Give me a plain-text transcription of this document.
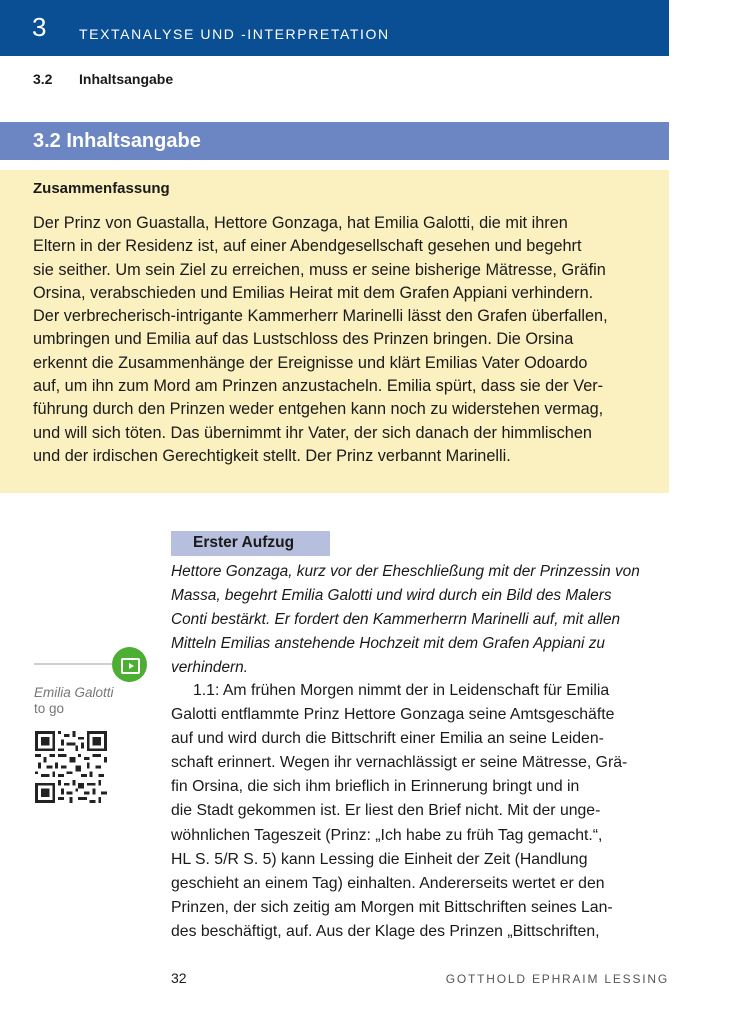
3 TEXTANALYSE UND -INTERPRETATION
3.2 Inhaltsangabe
3.2 Inhaltsangabe
Zusammenfassung

Der Prinz von Guastalla, Hettore Gonzaga, hat Emilia Galotti, die mit ihren
Eltern in der Residenz ist, auf einer Abendgesellschaft gesehen und begehrt
sie seither. Um sein Ziel zu erreichen, muss er seine bisherige Mätresse, Gräfin
Orsina, verabschieden und Emilias Heirat mit dem Grafen Appiani verhindern.
Der verbrecherisch-intrigante Kammerherr Marinelli lässt den Grafen überfallen,
umbringen und Emilia auf das Lustschloss des Prinzen bringen. Die Orsina
erkennt die Zusammenhänge der Ereignisse und klärt Emilias Vater Odoardo
auf, um ihn zum Mord am Prinzen anzustacheln. Emilia spürt, dass sie der Ver-
führung durch den Prinzen weder entgehen kann noch zu widerstehen vermag,
und will sich töten. Das übernimmt ihr Vater, der sich danach der himmlischen
und der irdischen Gerechtigkeit stellt. Der Prinz verbannt Marinelli.

Emilia Galotti
to go
Erster Aufzug

Hettore Gonzaga, kurz vor der Eheschließung mit der Prinzessin von
Massa, begehrt Emilia Galotti und wird durch ein Bild des Malers
Conti bestärkt. Er fordert den Kammerherrn Marinelli auf, mit allen
Mitteln Emilias anstehende Hochzeit mit dem Grafen Appiani zu
verhindern.

1.1: Am frühen Morgen nimmt der in Leidenschaft für Emilia
Galotti entflammte Prinz Hettore Gonzaga seine Amtsgeschäfte
auf und wird durch die Bittschrift einer Emilia an seine Leiden-
schaft erinnert. Wegen ihr vernachlässigt er seine Mätresse, Grä-
fin Orsina, die sich ihm brieflich in Erinnerung bringt und in
die Stadt gekommen ist. Er liest den Brief nicht. Mit der unge-
wöhnlichen Tageszeit (Prinz: „Ich habe zu früh Tag gemacht.“,
HL S. 5/R S. 5) kann Lessing die Einheit der Zeit (Handlung
geschieht an einem Tag) einhalten. Andererseits wertet er den
Prinzen, der sich zeitig am Morgen mit Bittschriften seines Lan-
des beschäftigt, auf. Aus der Klage des Prinzen „Bittschriften,

32	GOTTHOLD EPHRAIM LESSING
